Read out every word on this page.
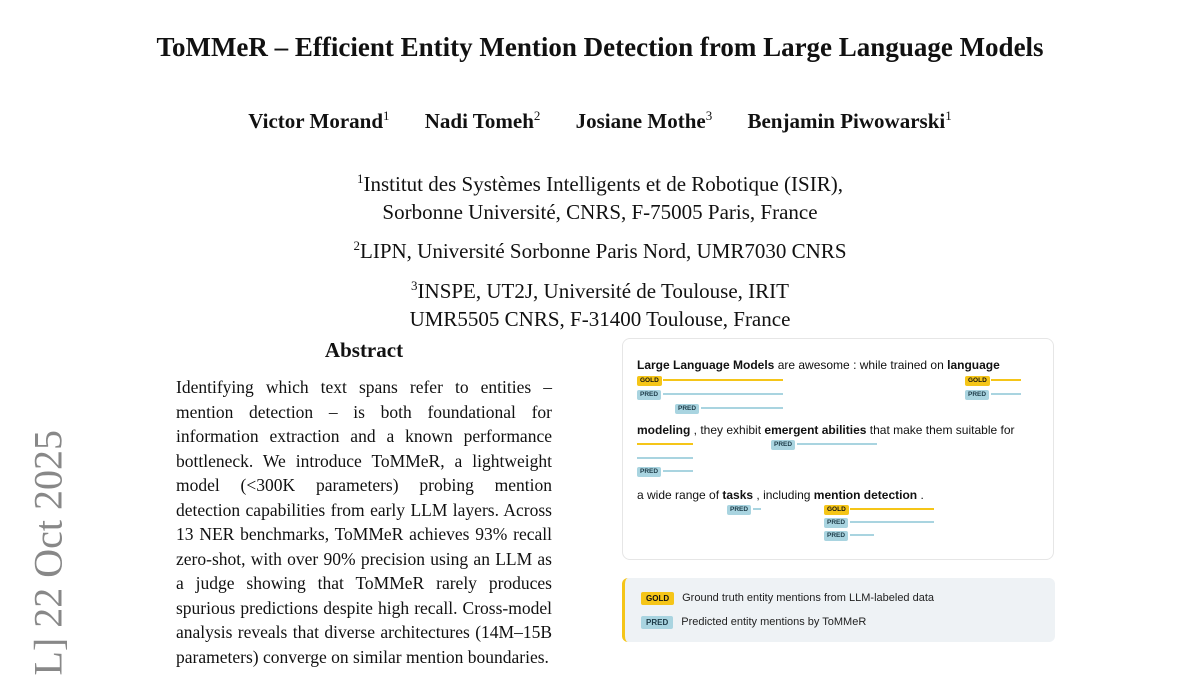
ToMMeR – Efficient Entity Mention Detection from Large Language Models
Victor Morand$^1$ Nadi Tomeh$^2$ Josiane Mothe$^3$ Benjamin Piwowarski$^1$
$^1$Institut des Systèmes Intelligents et de Robotique (ISIR),
Sorbonne Université, CNRS, F-75005 Paris, France
$^2$LIPN, Université Sorbonne Paris Nord, UMR7030 CNRS
$^3$INSPE, UT2J, Université de Toulouse, IRIT
UMR5505 CNRS, F-31400 Toulouse, France
L] 22 Oct 2025
Abstract
Identifying which text spans refer to entities – mention detection – is both foundational for information extraction and a known performance bottleneck. We introduce ToMMeR, a lightweight model (<300K parameters) probing mention detection capabilities from early LLM layers. Across 13 NER benchmarks, ToMMeR achieves 93% recall zero-shot, with over 90% precision using an LLM as a judge showing that ToMMeR rarely produces spurious predictions despite high recall. Cross-model analysis reveals that diverse architectures (14M–15B parameters) converge on similar mention boundaries.
Large Language Models are awesome : while trained on language
GOLD
PRED
PRED
GOLD
PRED
modeling , they exhibit emergent abilities that make them suitable for
PRED
PRED
a wide range of tasks , including mention detection .
PRED	GOLD
PRED
PRED
GOLD Ground truth entity mentions from LLM-labeled data
PRED Predicted entity mentions by ToMMeR
